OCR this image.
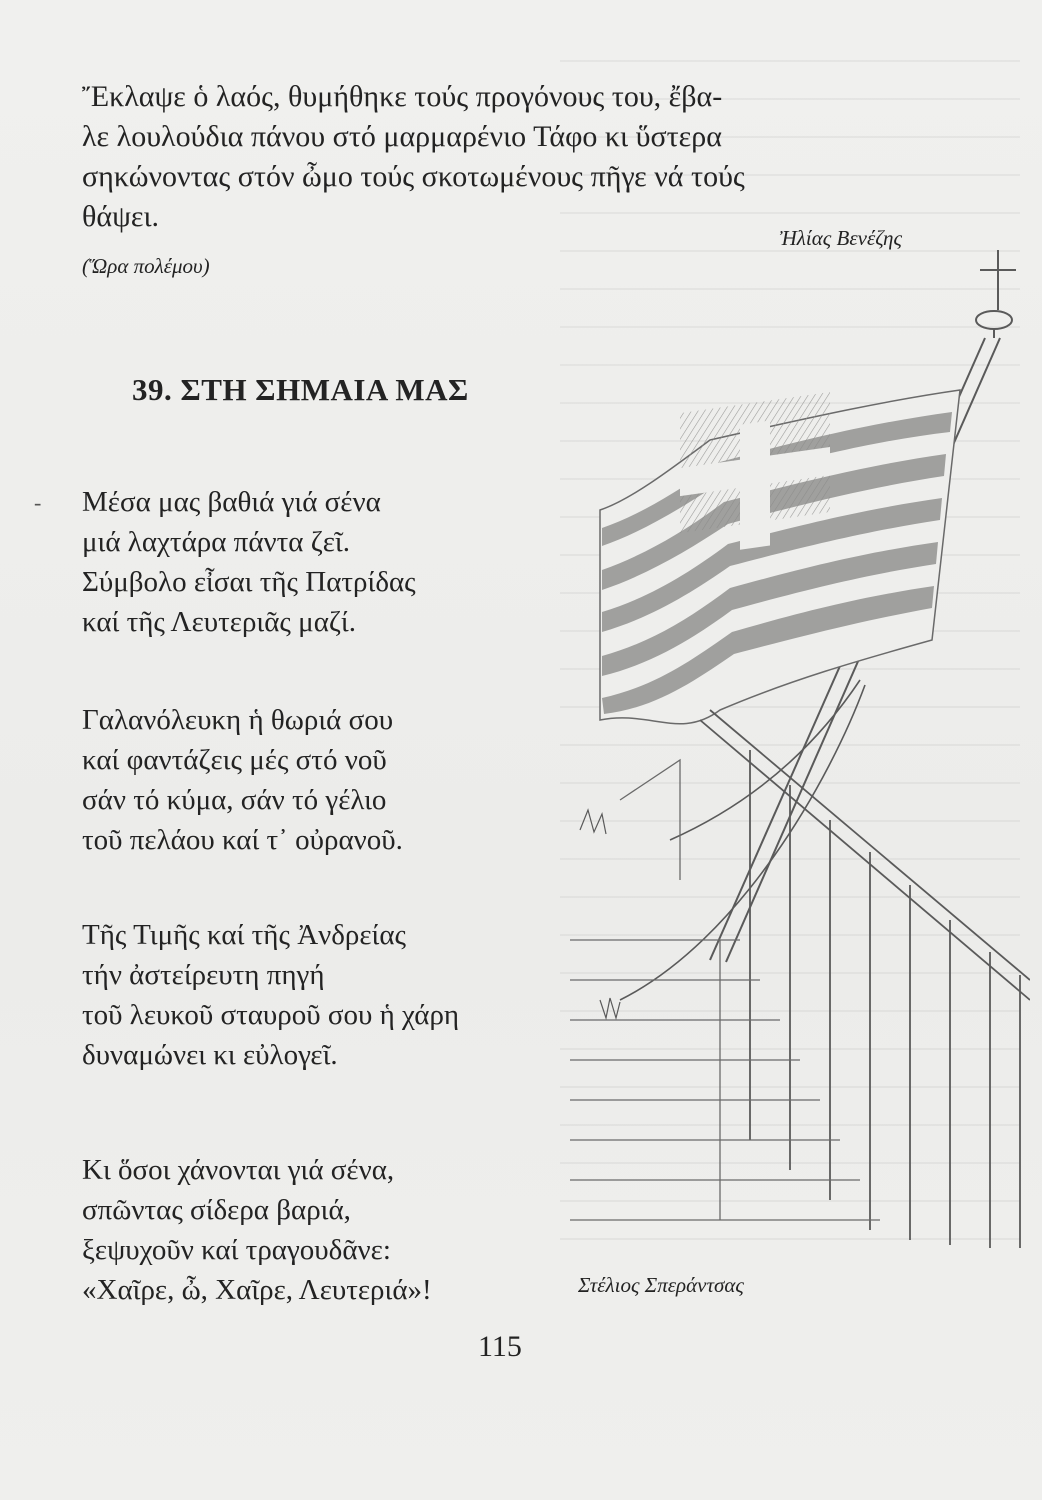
Ἔκλαψε ὁ λαός, θυμήθηκε τούς προγόνους του, ἔβα-
λε λουλούδια πάνου στό μαρμαρένιο Τάφο κι ὕστερα
σηκώνοντας στόν ὦμο τούς σκοτωμένους πῆγε νά τούς
θάψει.

Ἠλίας Βενέζης
(Ὥρα πολέμου)
-
39. ΣΤΗ ΣΗΜΑΙΑ ΜΑΣ
Μέσα μας βαθιά γιά σένα
μιά λαχτάρα πάντα ζεῖ.
Σύμβολο εἶσαι τῆς Πατρίδας
καί τῆς Λευτεριᾶς μαζί.
Γαλανόλευκη ἡ θωριά σου
καί φαντάζεις μές στό νοῦ
σάν τό κύμα, σάν τό γέλιο
τοῦ πελάου καί τ᾽ οὐρανοῦ.
Τῆς Τιμῆς καί τῆς Ἀνδρείας
τήν ἀστείρευτη πηγή
τοῦ λευκοῦ σταυροῦ σου ἡ χάρη
δυναμώνει κι εὐλογεῖ.
Κι ὅσοι χάνονται γιά σένα,
σπῶντας σίδερα βαριά,
ξεψυχοῦν καί τραγουδᾶνε:
«Χαῖρε, ὦ, Χαῖρε, Λευτεριά»!	Στέλιος Σπεράντσας
115
